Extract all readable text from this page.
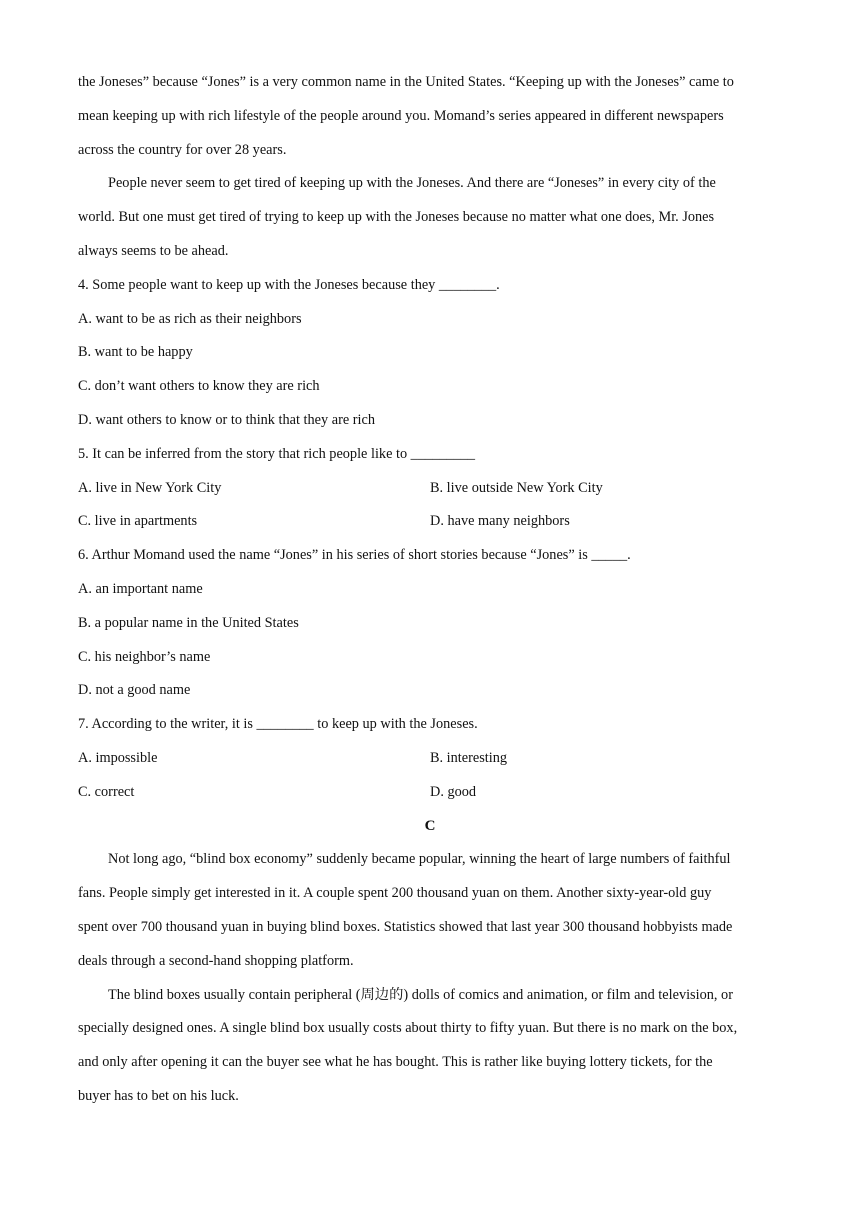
the Joneses” because “Jones” is a very common name in the United States. “Keeping up with the Joneses” came to
mean keeping up with rich lifestyle of the people around you. Momand’s series appeared in different newspapers
across the country for over 28 years.
People never seem to get tired of keeping up with the Joneses. And there are “Joneses” in every city of the
world. But one must get tired of trying to keep up with the Joneses because no matter what one does, Mr. Jones
always seems to be ahead.
4. Some people want to keep up with the Joneses because they ________.
A. want to be as rich as their neighbors
B. want to be happy
C. don’t want others to know they are rich
D. want others to know or to think that they are rich
5. It can be inferred from the story that rich people like to _________
A. live in New York City	B. live outside New York City
C. live in apartments	D. have many neighbors
6. Arthur Momand used the name “Jones” in his series of short stories because “Jones” is _____.
A. an important name
B. a popular name in the United States
C. his neighbor’s name
D. not a good name
7. According to the writer, it is ________ to keep up with the Joneses.
A. impossible	B. interesting
C. correct	D. good
C
Not long ago, “blind box economy” suddenly became popular, winning the heart of large numbers of faithful
fans. People simply get interested in it. A couple spent 200 thousand yuan on them. Another sixty-year-old guy
spent over 700 thousand yuan in buying blind boxes. Statistics showed that last year 300 thousand hobbyists made
deals through a second-hand shopping platform.
The blind boxes usually contain peripheral (周边的) dolls of comics and animation, or film and television, or
specially designed ones. A single blind box usually costs about thirty to fifty yuan. But there is no mark on the box,
and only after opening it can the buyer see what he has bought. This is rather like buying lottery tickets, for the
buyer has to bet on his luck.
